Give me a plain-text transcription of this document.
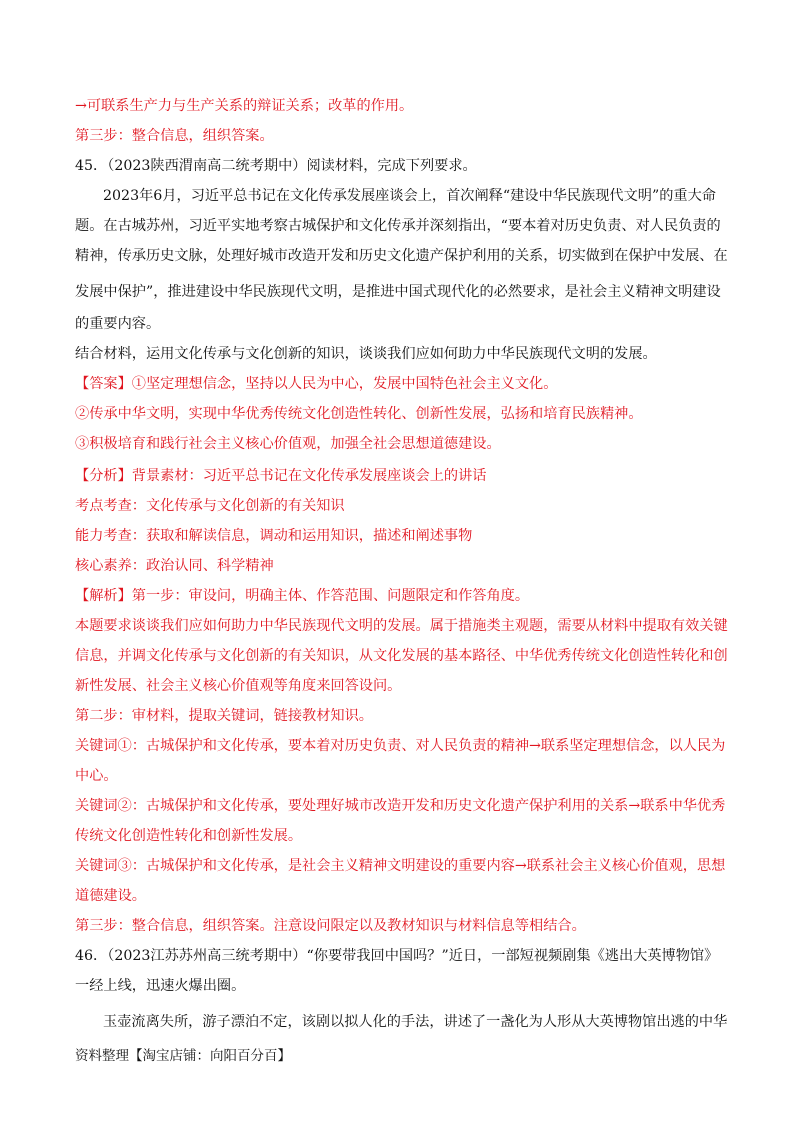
→可联系生产力与生产关系的辩证关系；改革的作用。
第三步：整合信息，组织答案。
45．（2023陕西渭南高二统考期中）阅读材料，完成下列要求。
2023年6月，习近平总书记在文化传承发展座谈会上，首次阐释“建设中华民族现代文明”的重大命
题。在古城苏州，习近平实地考察古城保护和文化传承并深刻指出，“要本着对历史负责、对人民负责的
精神，传承历史文脉，处理好城市改造开发和历史文化遗产保护利用的关系，切实做到在保护中发展、在
发展中保护”，推进建设中华民族现代文明，是推进中国式现代化的必然要求，是社会主义精神文明建设
的重要内容。
结合材料，运用文化传承与文化创新的知识，谈谈我们应如何助力中华民族现代文明的发展。
【答案】①坚定理想信念，坚持以人民为中心，发展中国特色社会主义文化。
②传承中华文明，实现中华优秀传统文化创造性转化、创新性发展，弘扬和培育民族精神。
③积极培育和践行社会主义核心价值观，加强全社会思想道德建设。
【分析】背景素材：习近平总书记在文化传承发展座谈会上的讲话
考点考查：文化传承与文化创新的有关知识
能力考查：获取和解读信息，调动和运用知识，描述和阐述事物
核心素养：政治认同、科学精神
【解析】第一步：审设问，明确主体、作答范围、问题限定和作答角度。
本题要求谈谈我们应如何助力中华民族现代文明的发展。属于措施类主观题，需要从材料中提取有效关键
信息，并调文化传承与文化创新的有关知识，从文化发展的基本路径、中华优秀传统文化创造性转化和创
新性发展、社会主义核心价值观等角度来回答设问。
第二步：审材料，提取关键词，链接教材知识。
关键词①：古城保护和文化传承，要本着对历史负责、对人民负责的精神→联系坚定理想信念，以人民为
中心。
关键词②：古城保护和文化传承，要处理好城市改造开发和历史文化遗产保护利用的关系→联系中华优秀
传统文化创造性转化和创新性发展。
关键词③：古城保护和文化传承，是社会主义精神文明建设的重要内容→联系社会主义核心价值观，思想
道德建设。
第三步：整合信息，组织答案。注意设问限定以及教材知识与材料信息等相结合。
46．（2023江苏苏州高三统考期中）“你要带我回中国吗？”近日，一部短视频剧集《逃出大英博物馆》
一经上线，迅速火爆出圈。
玉壶流离失所，游子漂泊不定，该剧以拟人化的手法，讲述了一盏化为人形从大英博物馆出逃的中华
资料整理【淘宝店铺：向阳百分百】
